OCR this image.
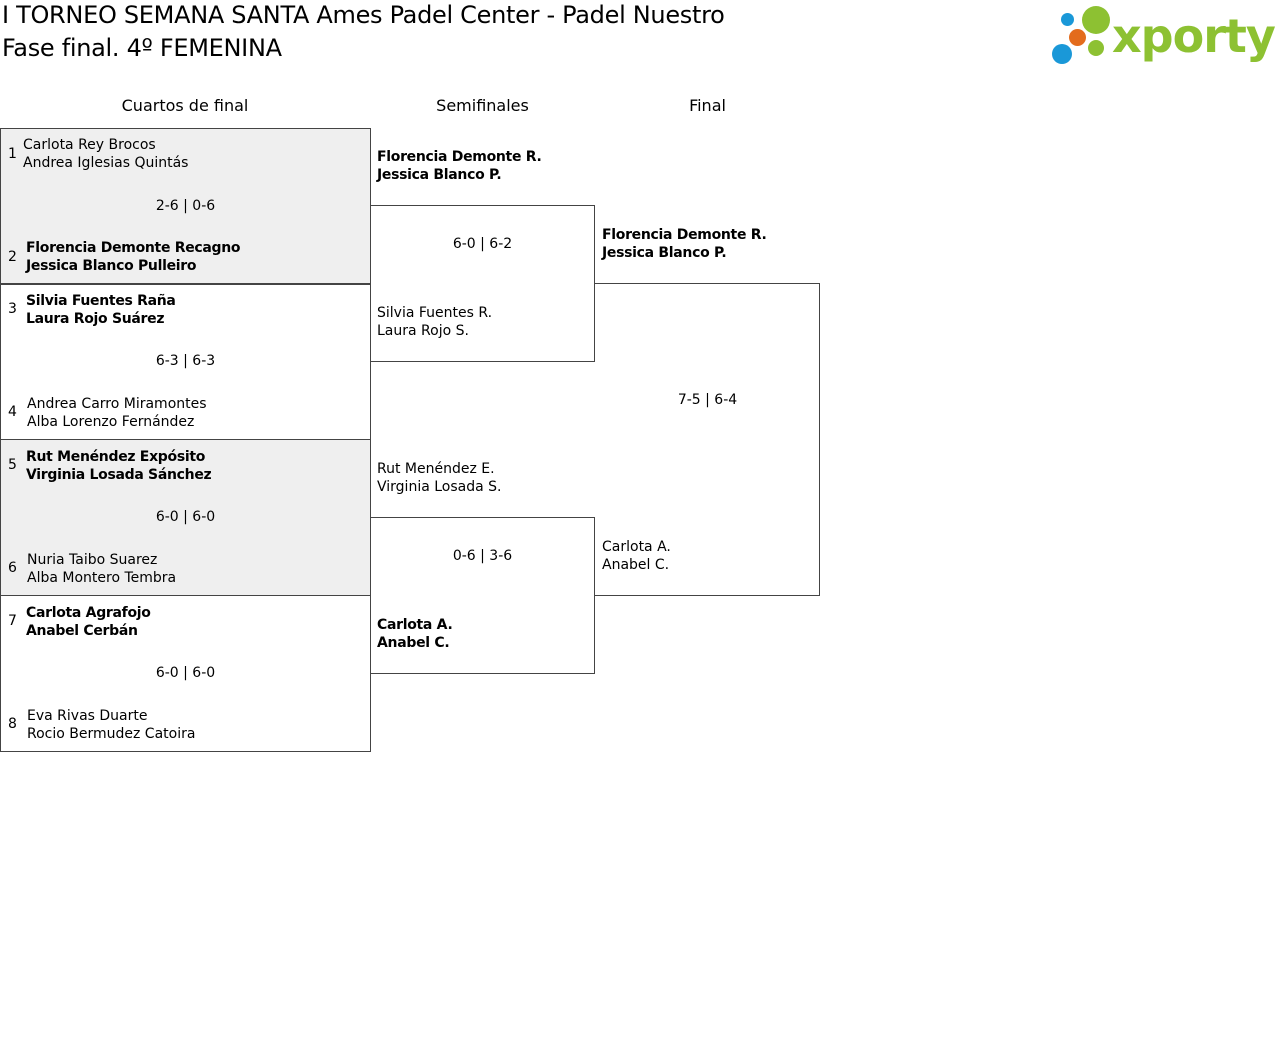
I TORNEO SEMANA SANTA Ames Padel Center - Padel Nuestro
Fase final. 4º FEMENINA	xporty
Cuartos de final	Semifinales	Final
1
Carlota Rey Brocos
Andrea Iglesias Quintás
2-6 | 0-6
2
Florencia Demonte Recagno
Jessica Blanco Pulleiro
3 Silvia Fuentes Raña
Laura Rojo Suárez
6-3 | 6-3
4 Andrea Carro Miramontes
Alba Lorenzo Fernández
5 Rut Menéndez Expósito
Virginia Losada Sánchez
6-0 | 6-0
6 Nuria Taibo Suarez
Alba Montero Tembra
7 Carlota Agrafojo
Anabel Cerbán
6-0 | 6-0
8 Eva Rivas Duarte
Rocio Bermudez Catoira
Florencia Demonte R.
Jessica Blanco P.
6-0 | 6-2
Silvia Fuentes R.
Laura Rojo S.
Rut Menéndez E.
Virginia Losada S.
0-6 | 3-6
Carlota A.
Anabel C.
Florencia Demonte R.
Jessica Blanco P.
7-5 | 6-4
Carlota A.
Anabel C.
